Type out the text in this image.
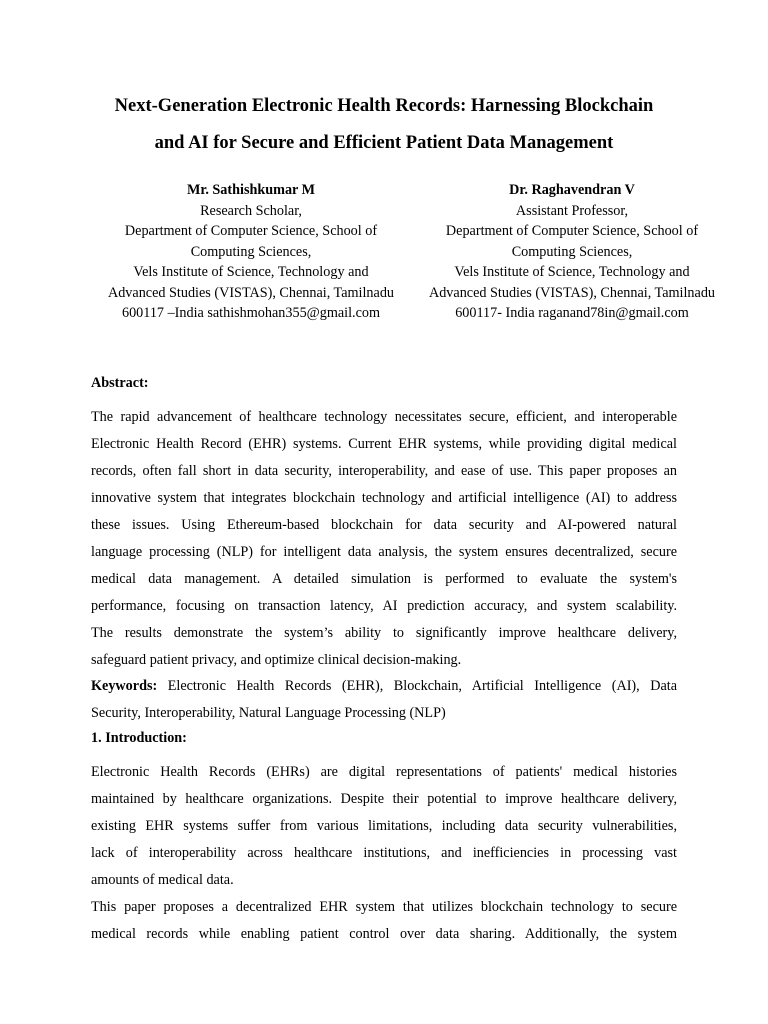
Next-Generation Electronic Health Records: Harnessing Blockchain
and AI for Secure and Efficient Patient Data Management
Mr. Sathishkumar M
Research Scholar,
Department of Computer Science, School of
Computing Sciences,
Vels Institute of Science, Technology and
Advanced Studies (VISTAS), Chennai, Tamilnadu
600117 –India sathishmohan355@gmail.com
Dr. Raghavendran V
Assistant Professor,
Department of Computer Science, School of
Computing Sciences,
Vels Institute of Science, Technology and
Advanced Studies (VISTAS), Chennai, Tamilnadu
600117- India raganand78in@gmail.com
Abstract:
The rapid advancement of healthcare technology necessitates secure, efficient, and interoperable
Electronic Health Record (EHR) systems. Current EHR systems, while providing digital medical
records, often fall short in data security, interoperability, and ease of use. This paper proposes an
innovative system that integrates blockchain technology and artificial intelligence (AI) to address
these issues. Using Ethereum-based blockchain for data security and AI-powered natural
language processing (NLP) for intelligent data analysis, the system ensures decentralized, secure
medical data management. A detailed simulation is performed to evaluate the system's
performance, focusing on transaction latency, AI prediction accuracy, and system scalability.
The results demonstrate the system’s ability to significantly improve healthcare delivery,
safeguard patient privacy, and optimize clinical decision-making.
Keywords: Electronic Health Records (EHR), Blockchain, Artificial Intelligence (AI), Data
Security, Interoperability, Natural Language Processing (NLP)
1. Introduction:
Electronic Health Records (EHRs) are digital representations of patients' medical histories
maintained by healthcare organizations. Despite their potential to improve healthcare delivery,
existing EHR systems suffer from various limitations, including data security vulnerabilities,
lack of interoperability across healthcare institutions, and inefficiencies in processing vast
amounts of medical data.
This paper proposes a decentralized EHR system that utilizes blockchain technology to secure
medical records while enabling patient control over data sharing. Additionally, the system
